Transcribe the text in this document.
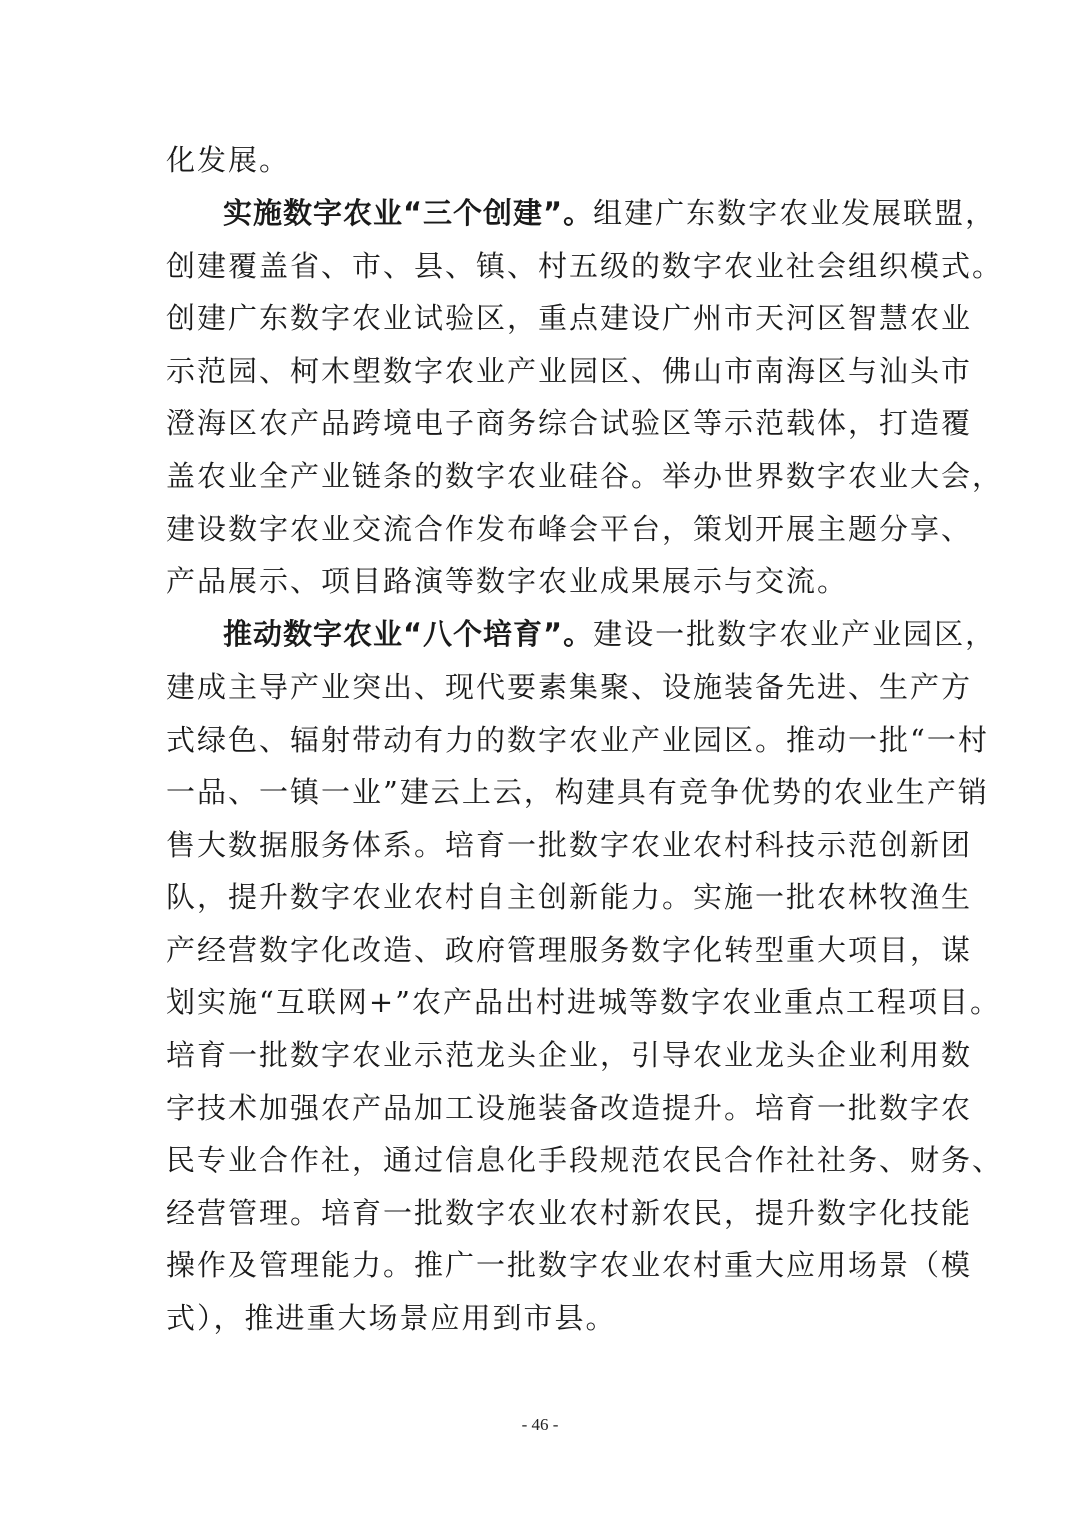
化发展。
实施数字农业“三个创建”。组建广东数字农业发展联盟，
创建覆盖省、市、县、镇、村五级的数字农业社会组织模式。
创建广东数字农业试验区，重点建设广州市天河区智慧农业
示范园、柯木塱数字农业产业园区、佛山市南海区与汕头市
澄海区农产品跨境电子商务综合试验区等示范载体，打造覆
盖农业全产业链条的数字农业硅谷。举办世界数字农业大会，
建设数字农业交流合作发布峰会平台，策划开展主题分享、
产品展示、项目路演等数字农业成果展示与交流。
推动数字农业“八个培育”。建设一批数字农业产业园区，
建成主导产业突出、现代要素集聚、设施装备先进、生产方
式绿色、辐射带动有力的数字农业产业园区。推动一批“一村
一品、一镇一业”建云上云，构建具有竞争优势的农业生产销
售大数据服务体系。培育一批数字农业农村科技示范创新团
队，提升数字农业农村自主创新能力。实施一批农林牧渔生
产经营数字化改造、政府管理服务数字化转型重大项目，谋
划实施“互联网+”农产品出村进城等数字农业重点工程项目。
培育一批数字农业示范龙头企业，引导农业龙头企业利用数
字技术加强农产品加工设施装备改造提升。培育一批数字农
民专业合作社，通过信息化手段规范农民合作社社务、财务、
经营管理。培育一批数字农业农村新农民，提升数字化技能
操作及管理能力。推广一批数字农业农村重大应用场景（模
式），推进重大场景应用到市县。
- 46 -
